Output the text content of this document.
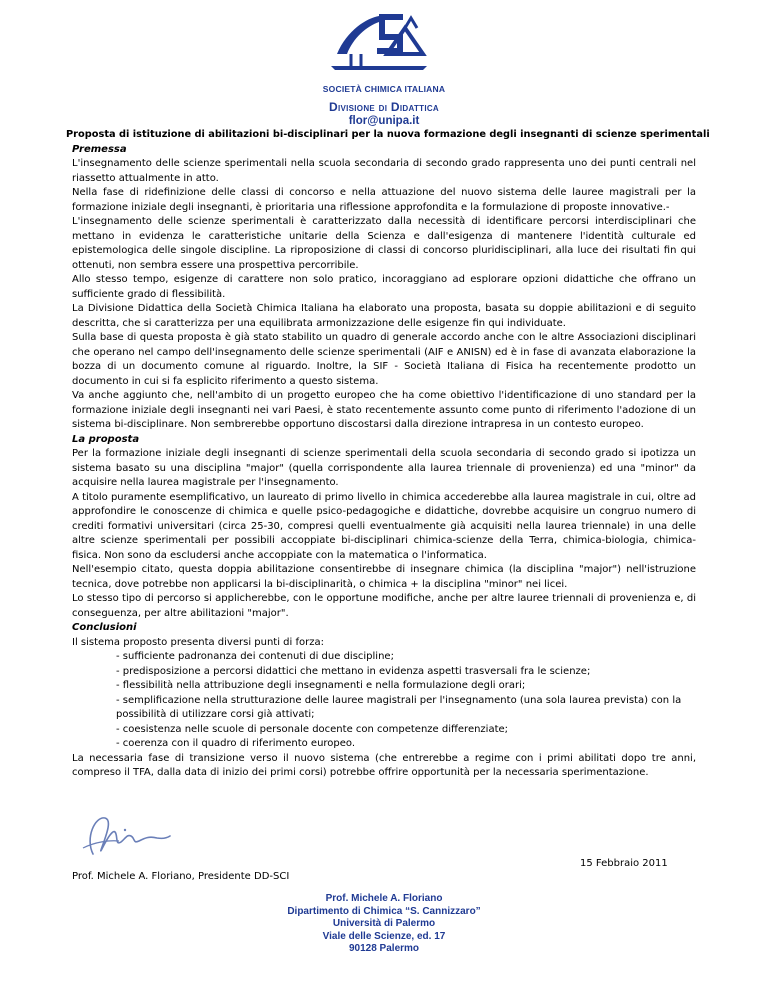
SOCIETÀ CHIMICA ITALIANA
Divisione di Didattica
flor@unipa.it
Proposta di istituzione di abilitazioni bi-disciplinari per la nuova formazione degli insegnanti di scienze sperimentali
Premessa

L'insegnamento delle scienze sperimentali nella scuola secondaria di secondo grado rappresenta uno dei punti centrali nel riassetto attualmente in atto.

Nella fase di ridefinizione delle classi di concorso e nella attuazione del nuovo sistema delle lauree magistrali per la formazione iniziale degli insegnanti, è prioritaria una riflessione approfondita e la formulazione di proposte innovative.-

L'insegnamento delle scienze sperimentali è caratterizzato dalla necessità di identificare percorsi interdisciplinari che mettano in evidenza le caratteristiche unitarie della Scienza e dall'esigenza di mantenere l'identità culturale ed epistemologica delle singole discipline. La riproposizione di classi di concorso pluridisciplinari, alla luce dei risultati fin qui ottenuti, non sembra essere una prospettiva percorribile.

Allo stesso tempo, esigenze di carattere non solo pratico, incoraggiano ad esplorare opzioni didattiche che offrano un sufficiente grado di flessibilità.

La Divisione Didattica della Società Chimica Italiana ha elaborato una proposta, basata su doppie abilitazioni e di seguito descritta, che si caratterizza per una equilibrata armonizzazione delle esigenze fin qui individuate.

Sulla base di questa proposta è già stato stabilito un quadro di generale accordo anche con le altre Associazioni disciplinari che operano nel campo dell'insegnamento delle scienze sperimentali (AIF e ANISN) ed è in fase di avanzata elaborazione la bozza di un documento comune al riguardo. Inoltre, la SIF - Società Italiana di Fisica ha recentemente prodotto un documento in cui si fa esplicito riferimento a questo sistema.

Va anche aggiunto che, nell'ambito di un progetto europeo che ha come obiettivo l'identificazione di uno standard per la formazione iniziale degli insegnanti nei vari Paesi, è stato recentemente assunto come punto di riferimento l'adozione di un sistema bi-disciplinare. Non sembrerebbe opportuno discostarsi dalla direzione intrapresa in un contesto europeo.

La proposta

Per la formazione iniziale degli insegnanti di scienze sperimentali della scuola secondaria di secondo grado si ipotizza un sistema basato su una disciplina "major" (quella corrispondente alla laurea triennale di provenienza) ed una "minor" da acquisire nella laurea magistrale per l'insegnamento.

A titolo puramente esemplificativo, un laureato di primo livello in chimica accederebbe alla laurea magistrale in cui, oltre ad approfondire le conoscenze di chimica e quelle psico-pedagogiche e didattiche, dovrebbe acquisire un congruo numero di crediti formativi universitari (circa 25-30, compresi quelli eventualmente già acquisiti nella laurea triennale) in una delle altre scienze sperimentali per possibili accoppiate bi-disciplinari chimica-scienze della Terra, chimica-biologia, chimica-fisica. Non sono da escludersi anche accoppiate con la matematica o l'informatica.

Nell'esempio citato, questa doppia abilitazione consentirebbe di insegnare chimica (la disciplina "major") nell'istruzione tecnica, dove potrebbe non applicarsi la bi-disciplinarità, o chimica + la disciplina "minor" nei licei.

Lo stesso tipo di percorso si applicherebbe, con le opportune modifiche, anche per altre lauree triennali di provenienza e, di conseguenza, per altre abilitazioni "major".

Conclusioni

Il sistema proposto presenta diversi punti di forza:

- sufficiente padronanza dei contenuti di due discipline;
- predisposizione a percorsi didattici che mettano in evidenza aspetti trasversali fra le scienze;
- flessibilità nella attribuzione degli insegnamenti e nella formulazione degli orari;
- semplificazione nella strutturazione delle lauree magistrali per l'insegnamento (una sola laurea prevista) con la possibilità di utilizzare corsi già attivati;
- coesistenza nelle scuole di personale docente con competenze differenziate;
- coerenza con il quadro di riferimento europeo.

La necessaria fase di transizione verso il nuovo sistema (che entrerebbe a regime con i primi abilitati dopo tre anni, compreso il TFA, dalla data di inizio dei primi corsi) potrebbe offrire opportunità per la necessaria sperimentazione.

15 Febbraio 2011
Prof. Michele A. Floriano, Presidente DD-SCI
Prof. Michele A. Floriano
Dipartimento di Chimica “S. Cannizzaro”
Università di Palermo
Viale delle Scienze, ed. 17
90128 Palermo
